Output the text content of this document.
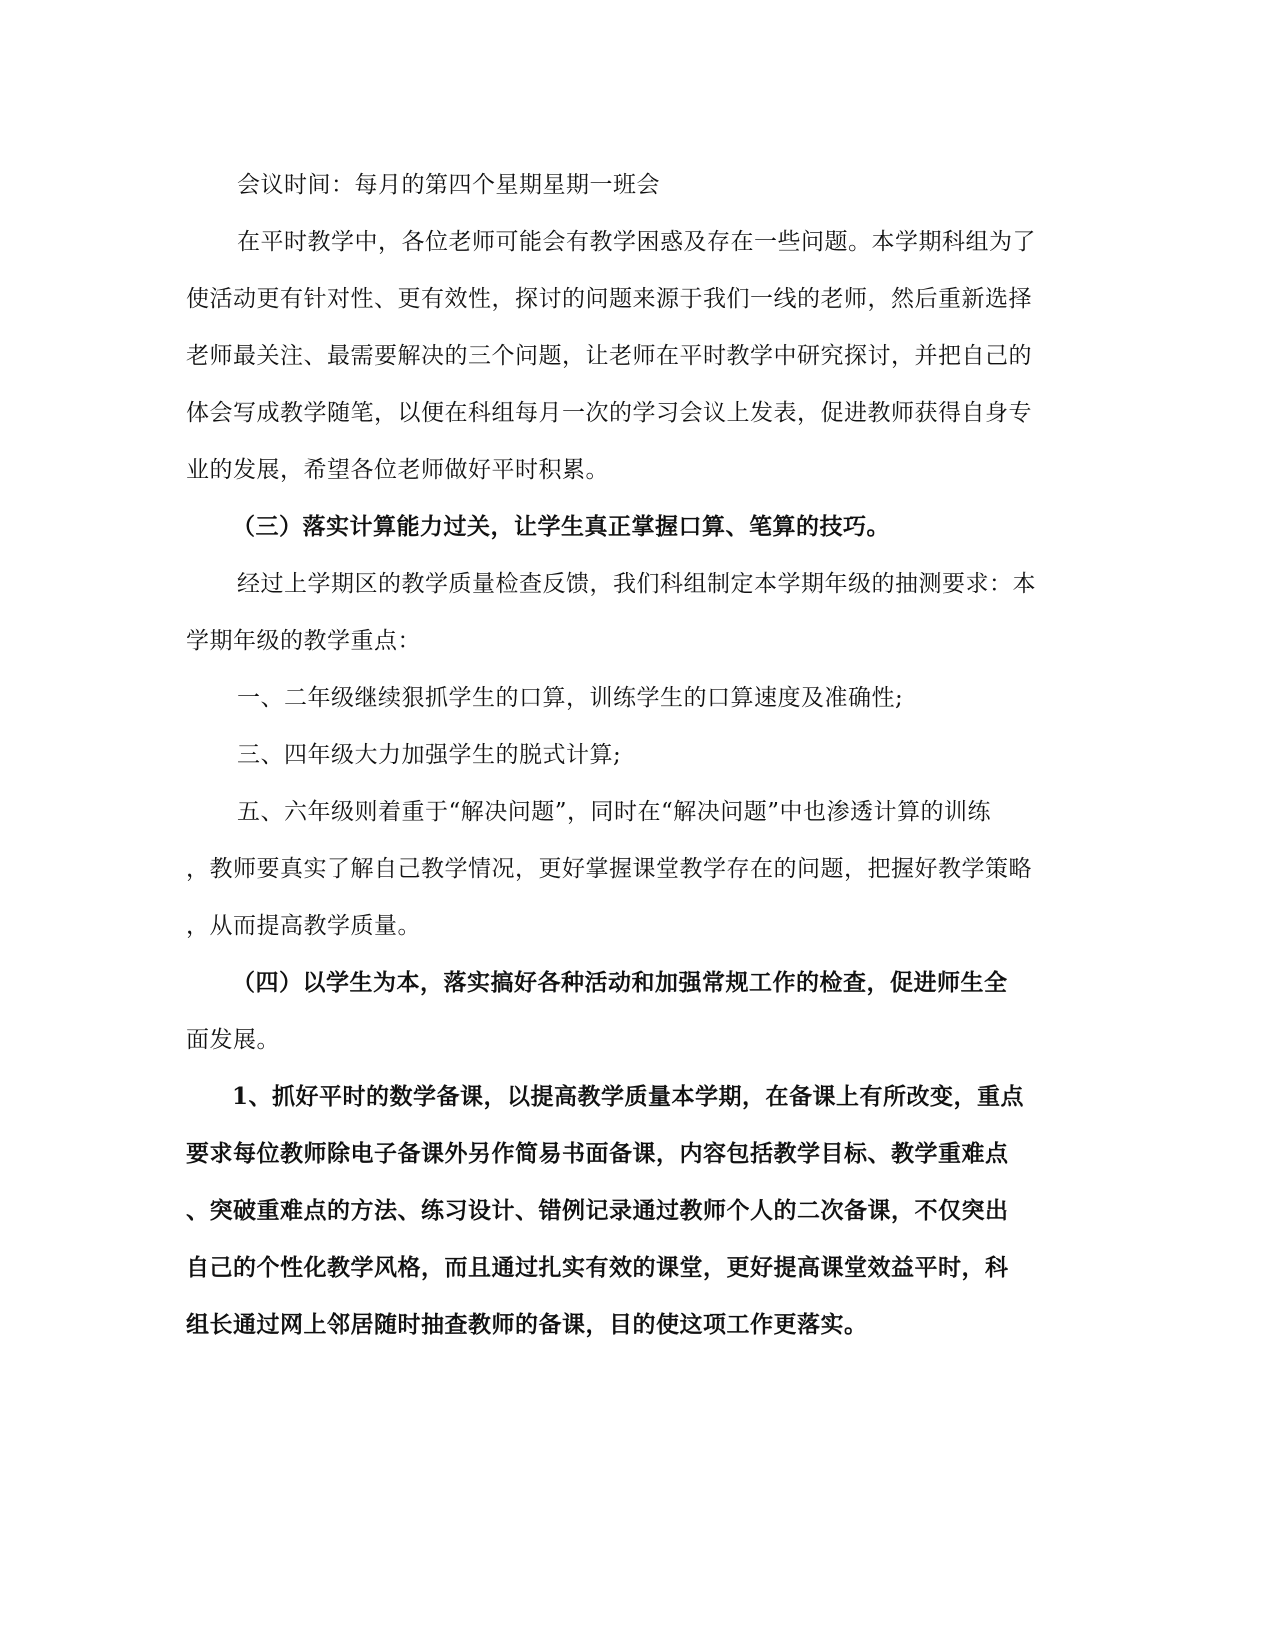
会议时间：每月的第四个星期星期一班会
在平时教学中，各位老师可能会有教学困惑及存在一些问题。本学期科组为了
使活动更有针对性、更有效性，探讨的问题来源于我们一线的老师，然后重新选择
老师最关注、最需要解决的三个问题，让老师在平时教学中研究探讨，并把自己的
体会写成教学随笔，以便在科组每月一次的学习会议上发表，促进教师获得自身专
业的发展，希望各位老师做好平时积累。
（三）落实计算能力过关，让学生真正掌握口算、笔算的技巧。
经过上学期区的教学质量检查反馈，我们科组制定本学期年级的抽测要求：本
学期年级的教学重点：
一、二年级继续狠抓学生的口算，训练学生的口算速度及准确性;
三、四年级大力加强学生的脱式计算;
五、六年级则着重于“解决问题”，同时在“解决问题”中也渗透计算的训练
，教师要真实了解自己教学情况，更好掌握课堂教学存在的问题，把握好教学策略
，从而提高教学质量。
（四）以学生为本，落实搞好各种活动和加强常规工作的检查，促进师生全
面发展。
1、抓好平时的数学备课，以提高教学质量本学期，在备课上有所改变，重点
要求每位教师除电子备课外另作简易书面备课，内容包括教学目标、教学重难点
、突破重难点的方法、练习设计、错例记录通过教师个人的二次备课，不仅突出
自己的个性化教学风格，而且通过扎实有效的课堂，更好提高课堂效益平时，科
组长通过网上邻居随时抽查教师的备课，目的使这项工作更落实。
